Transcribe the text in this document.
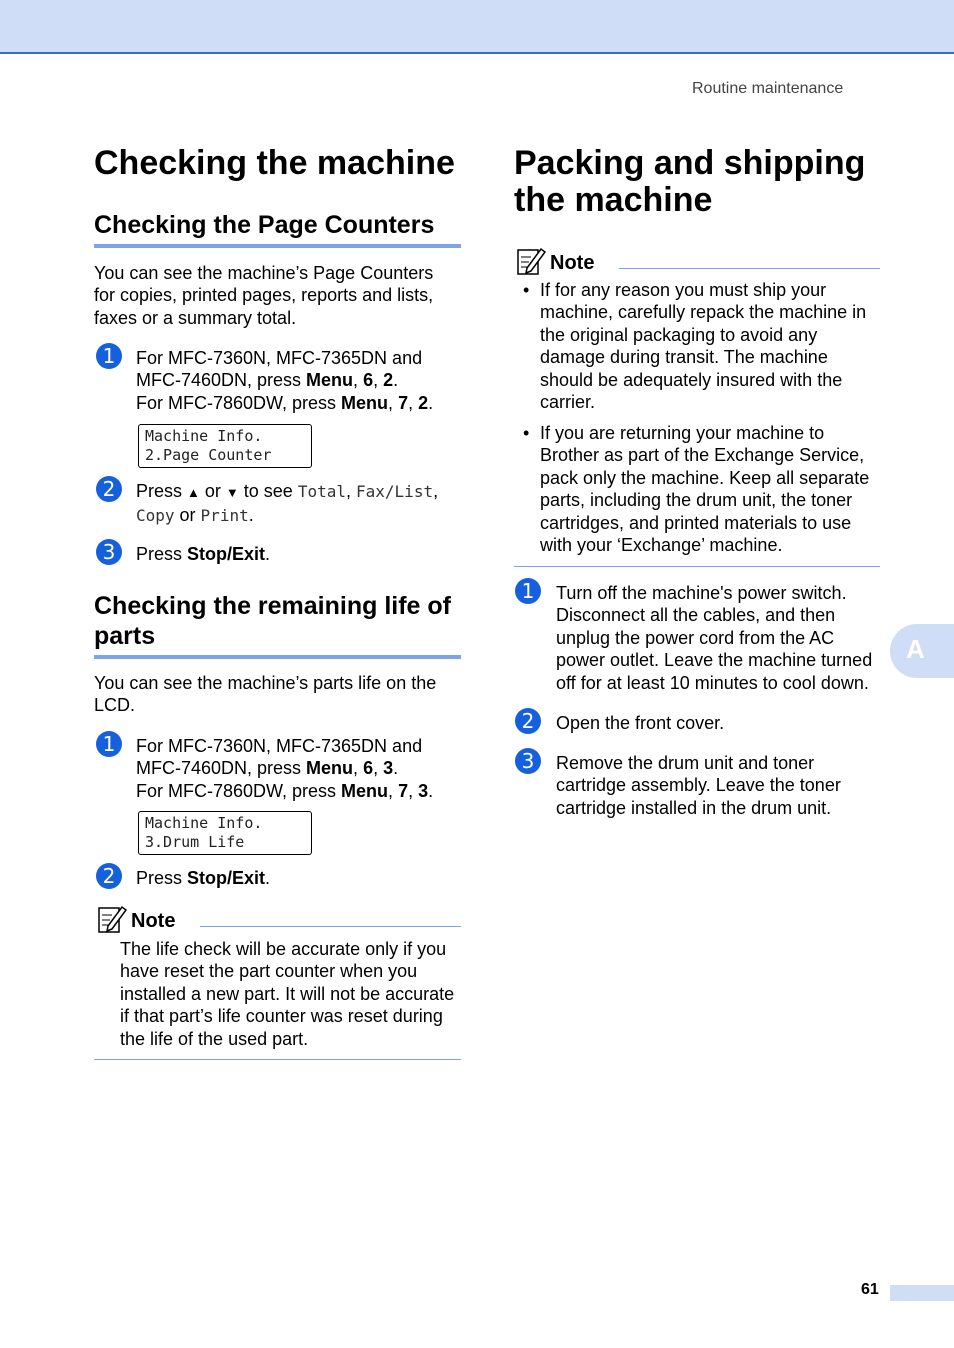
Routine maintenance
Checking the machine
Checking the Page Counters
You can see the machine’s Page Counters
for copies, printed pages, reports and lists,
faxes or a summary total.
1	For MFC-7360N, MFC-7365DN and
MFC-7460DN, press Menu, 6, 2.
For MFC-7860DW, press Menu, 7, 2.
Machine Info.
2.Page Counter
2	Press ▲ or ▼ to see Total, Fax/List,
Copy or Print.
3	Press Stop/Exit.
Checking the remaining life of
parts
You can see the machine’s parts life on the
LCD.
1	For MFC-7360N, MFC-7365DN and
MFC-7460DN, press Menu, 6, 3.
For MFC-7860DW, press Menu, 7, 3.
Machine Info.
3.Drum Life
2	Press Stop/Exit.
Note
The life check will be accurate only if you
have reset the part counter when you
installed a new part. It will not be accurate
if that part’s life counter was reset during
the life of the used part.
Packing and shipping
the machine
Note
• If for any reason you must ship your
machine, carefully repack the machine in
the original packaging to avoid any
damage during transit. The machine
should be adequately insured with the
carrier.
• If you are returning your machine to
Brother as part of the Exchange Service,
pack only the machine. Keep all separate
parts, including the drum unit, the toner
cartridges, and printed materials to use
with your ‘Exchange’ machine.
1	Turn off the machine's power switch.
Disconnect all the cables, and then
unplug the power cord from the AC
power outlet. Leave the machine turned
off for at least 10 minutes to cool down.
2	Open the front cover.
3	Remove the drum unit and toner
cartridge assembly. Leave the toner
cartridge installed in the drum unit.
A
61
